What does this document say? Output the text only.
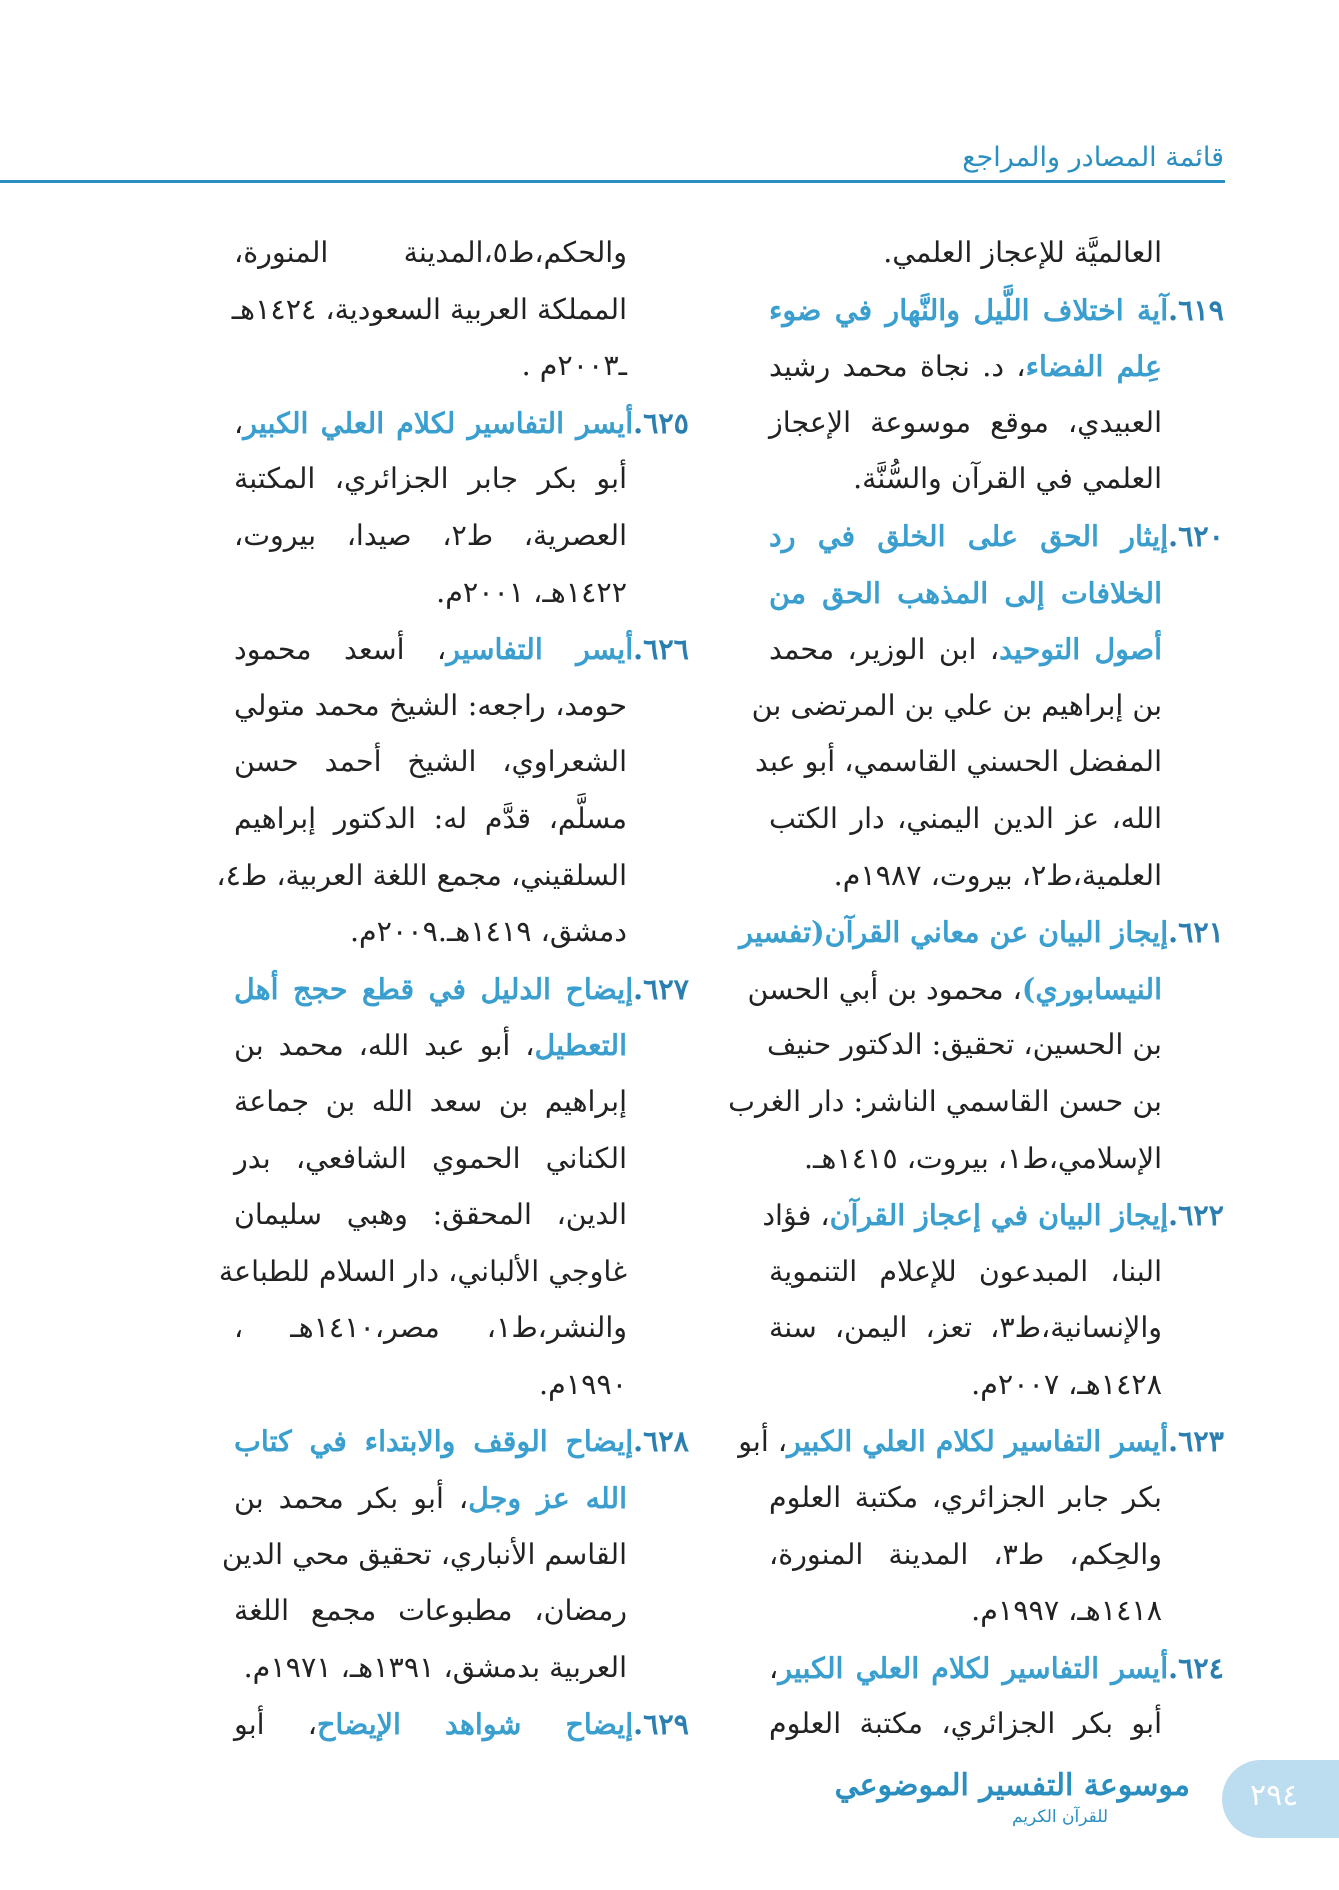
قائمة المصادر والمراجع
العالميَّة للإعجاز العلمي.
٦١٩.آية اختلاف اللَّيل والنَّهار في ضوء
عِلم الفضاء، د. نجاة محمد رشيد
العبيدي، موقع موسوعة الإعجاز
العلمي في القرآن والسُّنَّة.
٦٢٠.إيثار الحق على الخلق في رد
الخلافات إلى المذهب الحق من
أصول التوحيد، ابن الوزير، محمد
بن إبراهيم بن علي بن المرتضى بن
المفضل الحسني القاسمي، أبو عبد
الله، عز الدين اليمني، دار الكتب
العلمية،ط٢، بيروت، ١٩٨٧م.
٦٢١.إيجاز البيان عن معاني القرآن(تفسير
النيسابوري)، محمود بن أبي الحسن
بن الحسين، تحقيق: الدكتور حنيف
بن حسن القاسمي الناشر: دار الغرب
الإسلامي،ط١، بيروت، ١٤١٥هـ.
٦٢٢.إيجاز البيان في إعجاز القرآن، فؤاد
البنا، المبدعون للإعلام التنموية
والإنسانية،ط٣، تعز، اليمن، سنة
١٤٢٨هـ، ٢٠٠٧م.
٦٢٣.أيسر التفاسير لكلام العلي الكبير، أبو
بكر جابر الجزائري، مكتبة العلوم
والحِكم، ط٣، المدينة المنورة،
١٤١٨هـ، ١٩٩٧م.
٦٢٤.أيسر التفاسير لكلام العلي الكبير،
أبو بكر الجزائري، مكتبة العلوم
والحكم،ط٥،المدينة المنورة،
المملكة العربية السعودية، ١٤٢٤هـ
ـ٢٠٠٣م .
٦٢٥.أيسر التفاسير لكلام العلي الكبير،
أبو بكر جابر الجزائري، المكتبة
العصرية، ط٢، صيدا، بيروت،
١٤٢٢هـ، ٢٠٠١م.
٦٢٦.أيسر التفاسير، أسعد محمود
حومد، راجعه: الشيخ محمد متولي
الشعراوي، الشيخ أحمد حسن
مسلَّم، قدَّم له: الدكتور إبراهيم
السلقيني، مجمع اللغة العربية، ط٤،
دمشق، ١٤١٩هـ.٢٠٠٩م.
٦٢٧.إيضاح الدليل في قطع حجج أهل
التعطيل، أبو عبد الله، محمد بن
إبراهيم بن سعد الله بن جماعة
الكناني الحموي الشافعي، بدر
الدين، المحقق: وهبي سليمان
غاوجي الألباني، دار السلام للطباعة
والنشر،ط١، مصر،١٤١٠هـ ،
١٩٩٠م.
٦٢٨.إيضاح الوقف والابتداء في كتاب
الله عز وجل، أبو بكر محمد بن
القاسم الأنباري، تحقيق محي الدين
رمضان، مطبوعات مجمع اللغة
العربية بدمشق، ١٣٩١هـ، ١٩٧١م.
٦٢٩.إيضاح شواهد الإيضاح، أبو
موسوعة التفسير الموضوعي
للقرآن الكريم
٢٩٤
